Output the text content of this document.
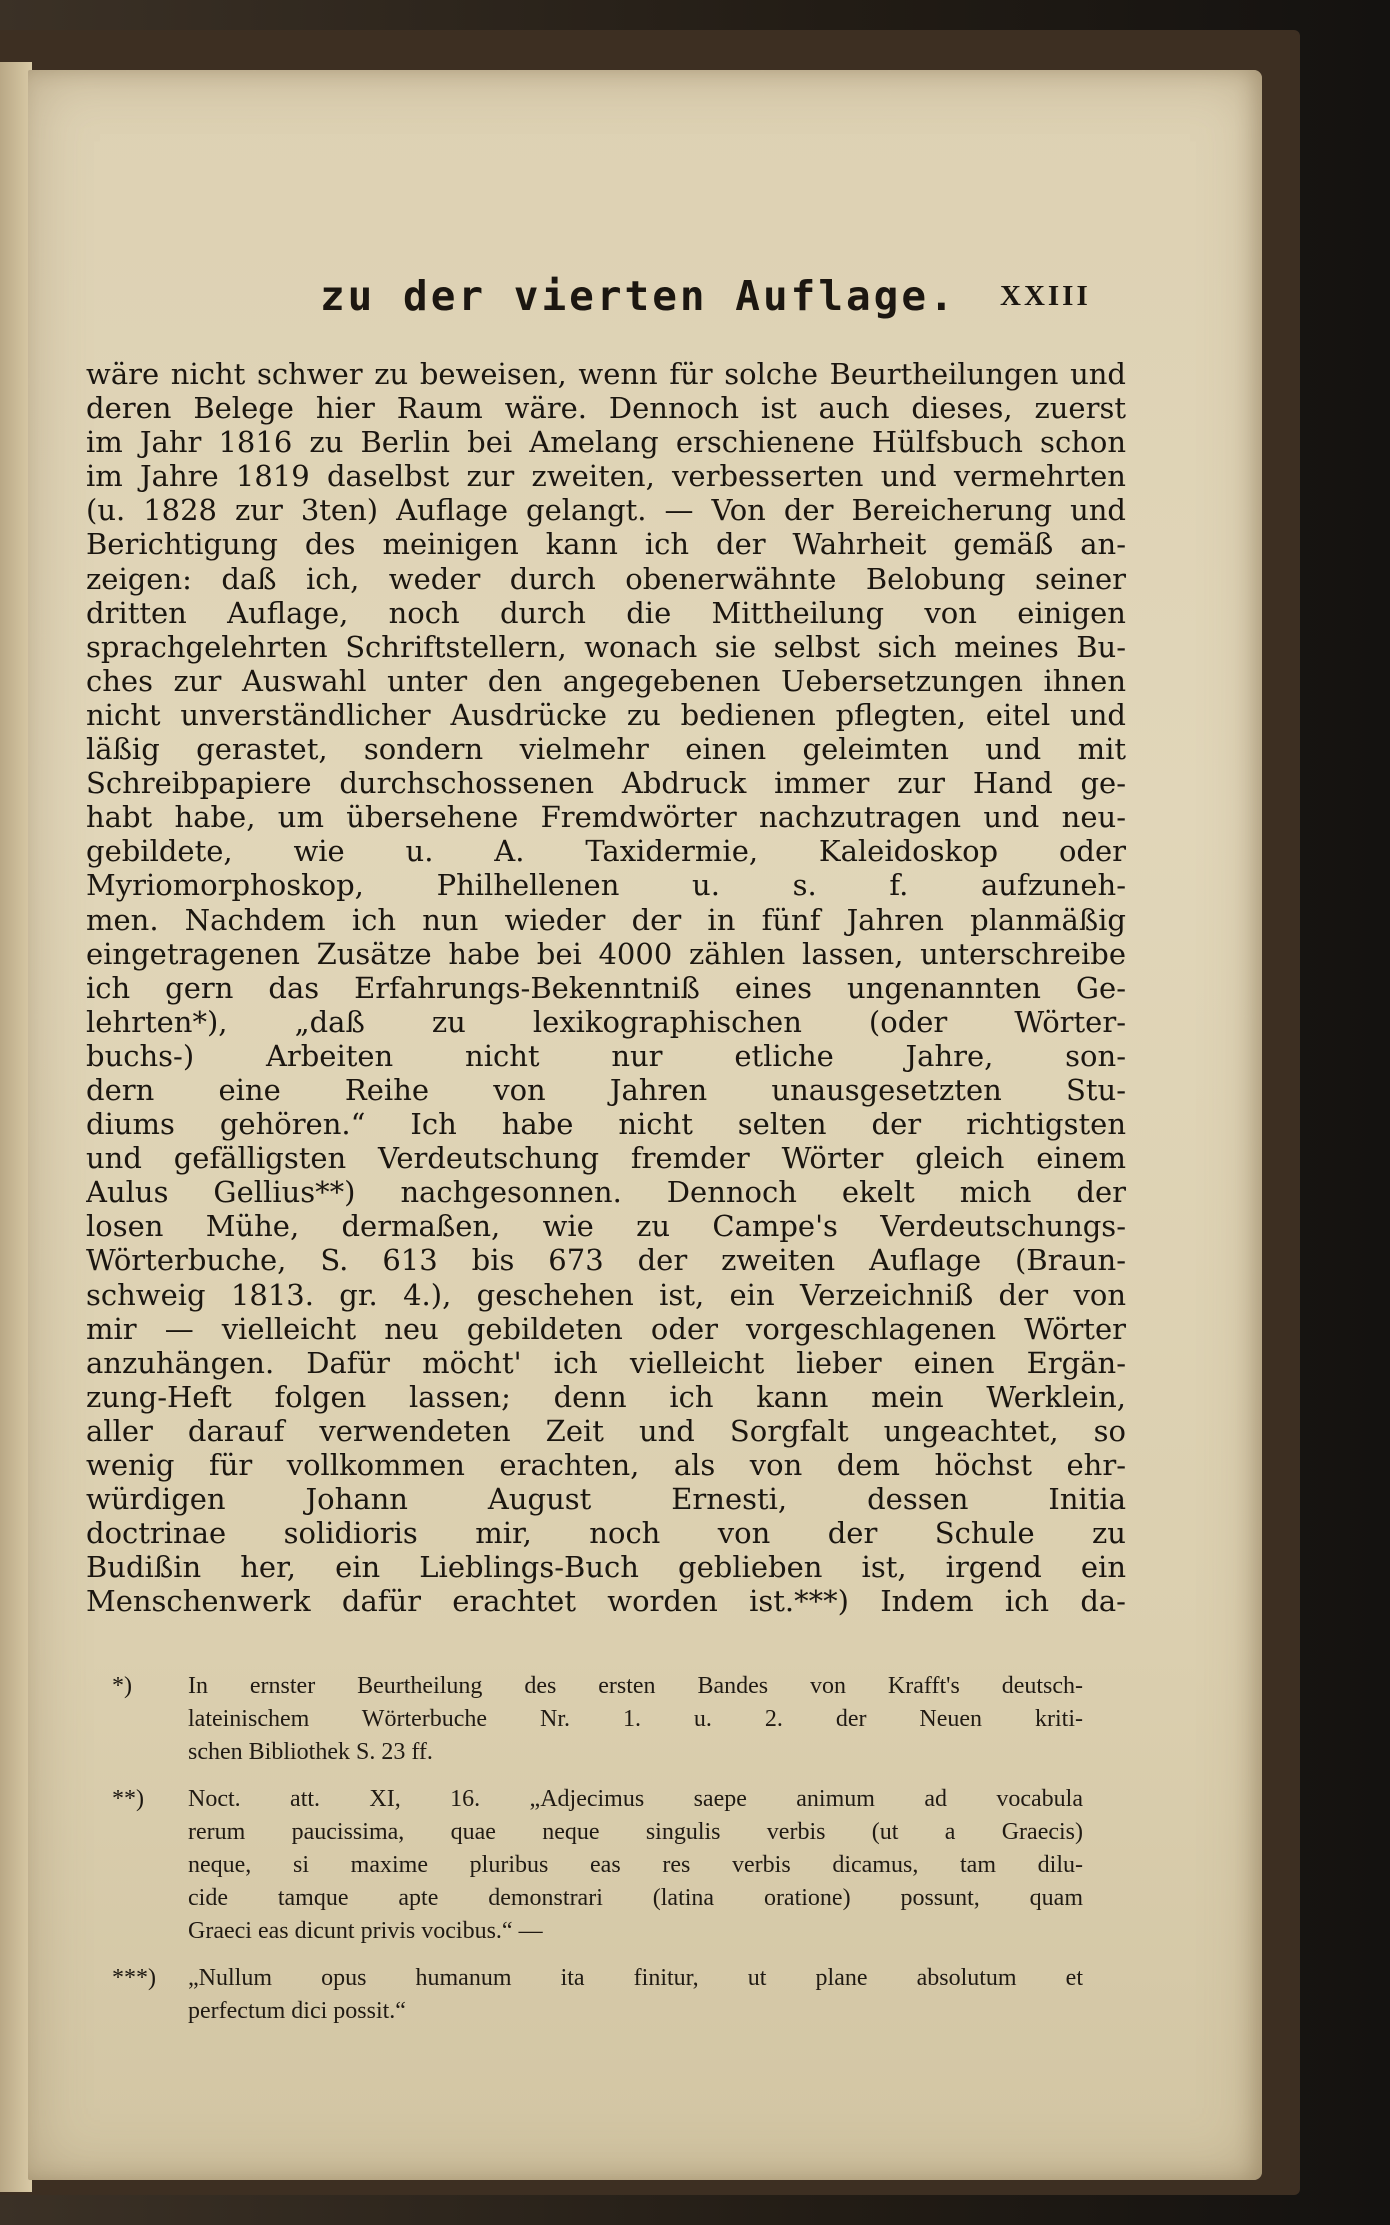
zu der vierten Auflage. XXIII
wäre nicht schwer zu beweisen, wenn für solche Beurtheilungen und
deren Belege hier Raum wäre. Dennoch ist auch dieses, zuerst
im Jahr 1816 zu Berlin bei Amelang erschienene Hülfsbuch schon
im Jahre 1819 daselbst zur zweiten, verbesserten und vermehrten
(u. 1828 zur 3ten) Auflage gelangt. — Von der Bereicherung und
Berichtigung des meinigen kann ich der Wahrheit gemäß an-
zeigen: daß ich, weder durch obenerwähnte Belobung seiner
dritten Auflage, noch durch die Mittheilung von einigen
sprachgelehrten Schriftstellern, wonach sie selbst sich meines Bu-
ches zur Auswahl unter den angegebenen Uebersetzungen ihnen
nicht unverständlicher Ausdrücke zu bedienen pflegten, eitel und
läßig gerastet, sondern vielmehr einen geleimten und mit
Schreibpapiere durchschossenen Abdruck immer zur Hand ge-
habt habe, um übersehene Fremdwörter nachzutragen und neu-
gebildete, wie u. A. Taxidermie, Kaleidoskop oder
Myriomorphoskop, Philhellenen u. s. f. aufzuneh-
men. Nachdem ich nun wieder der in fünf Jahren planmäßig
eingetragenen Zusätze habe bei 4000 zählen lassen, unterschreibe
ich gern das Erfahrungs-Bekenntniß eines ungenannten Ge-
lehrten*), „daß zu lexikographischen (oder Wörter-
buchs-) Arbeiten nicht nur etliche Jahre, son-
dern eine Reihe von Jahren unausgesetzten Stu-
diums gehören.“ Ich habe nicht selten der richtigsten
und gefälligsten Verdeutschung fremder Wörter gleich einem
Aulus Gellius**) nachgesonnen. Dennoch ekelt mich der
losen Mühe, dermaßen, wie zu Campe's Verdeutschungs-
Wörterbuche, S. 613 bis 673 der zweiten Auflage (Braun-
schweig 1813. gr. 4.), geschehen ist, ein Verzeichniß der von
mir — vielleicht neu gebildeten oder vorgeschlagenen Wörter
anzuhängen. Dafür möcht' ich vielleicht lieber einen Ergän-
zung-Heft folgen lassen; denn ich kann mein Werklein,
aller darauf verwendeten Zeit und Sorgfalt ungeachtet, so
wenig für vollkommen erachten, als von dem höchst ehr-
würdigen Johann August Ernesti, dessen Initia
doctrinae solidioris mir, noch von der Schule zu
Budißin her, ein Lieblings-Buch geblieben ist, irgend ein
Menschenwerk dafür erachtet worden ist.***) Indem ich da-
*)	In ernster Beurtheilung des ersten Bandes von Krafft's deutsch-
lateinischem Wörterbuche Nr. 1. u. 2. der Neuen kriti-
schen Bibliothek S. 23 ff.
**)	Noct. att. XI, 16. „Adjecimus saepe animum ad vocabula
rerum paucissima, quae neque singulis verbis (ut a Graecis)
neque, si maxime pluribus eas res verbis dicamus, tam dilu-
cide tamque apte demonstrari (latina oratione) possunt, quam
Graeci eas dicunt privis vocibus.“ —
***)	„Nullum opus humanum ita finitur, ut plane absolutum et
perfectum dici possit.“
